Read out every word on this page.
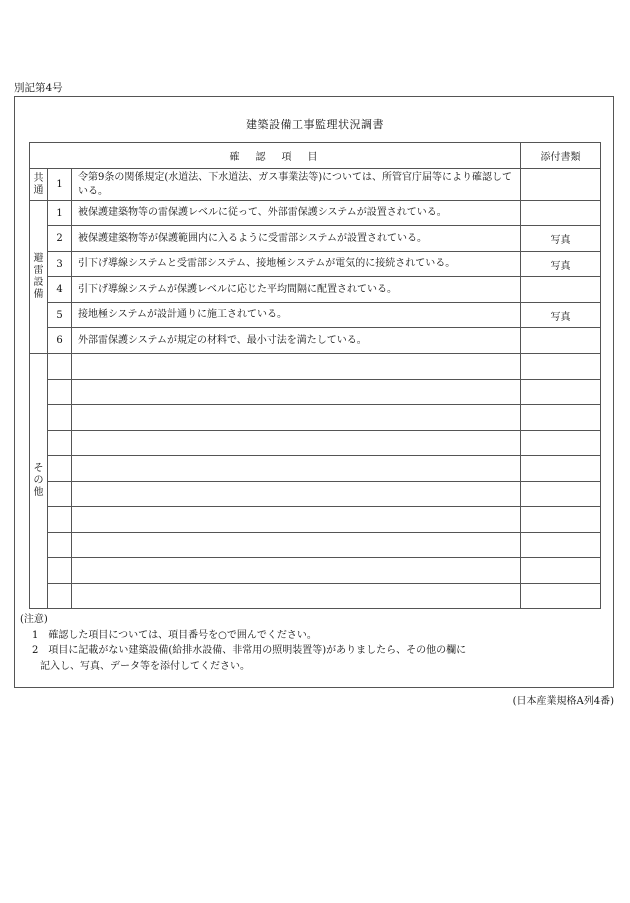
別記第4号
建築設備工事監理状況調書
確　認　項　目			添付書類

共
通	1	令第9条の関係規定(水道法、下水道法、ガス事業法等)については、所管官庁届等により確認している。	

避
雷
設
備	1	被保護建築物等の雷保護レベルに従って、外部雷保護システムが設置されている。	
	2	被保護建築物等が保護範囲内に入るように受雷部システムが設置されている。	写真
	3	引下げ導線システムと受雷部システム、接地極システムが電気的に接続されている。	写真
	4	引下げ導線システムが保護レベルに応じた平均間隔に配置されている。	
	5	接地極システムが設計通りに施工されている。	写真
	6	外部雷保護システムが規定の材料で、最小寸法を満たしている。	

そ
の
他			

(注意)
1　確認した項目については、項目番号を○で囲んでください。
2　項目に記載がない建築設備(給排水設備、非常用の照明装置等)がありましたら、その他の欄に
記入し、写真、データ等を添付してください。
(日本産業規格A列4番)
